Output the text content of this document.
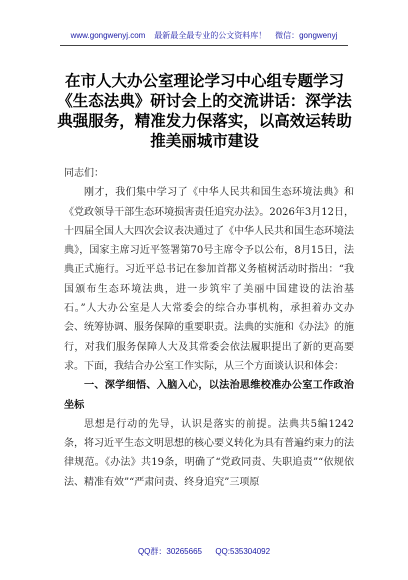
www.gongwenyj.com 最新最全最专业的公文资料库！ 微信：gongwenyj
在市人大办公室理论学习中心组专题学习《生态法典》研讨会上的交流讲话：深学法典强服务，精准发力保落实，以高效运转助推美丽城市建设

同志们：

刚才，我们集中学习了《中华人民共和国生态环境法典》和《党政领导干部生态环境损害责任追究办法》。2026年3月12日，十四届全国人大四次会议表决通过了《中华人民共和国生态环境法典》，国家主席习近平签署第70号主席令予以公布，8月15日，法典正式施行。习近平总书记在参加首都义务植树活动时指出：“我国颁布生态环境法典，进一步筑牢了美丽中国建设的法治基石。”人大办公室是人大常委会的综合办事机构，承担着办文办会、统筹协调、服务保障的重要职责。法典的实施和《办法》的施行，对我们服务保障人大及其常委会依法履职提出了新的更高要求。下面，我结合办公室工作实际，从三个方面谈认识和体会：

一、深学细悟、入脑入心，以法治思维校准办公室工作政治坐标

思想是行动的先导，认识是落实的前提。法典共5编1242条，将习近平生态文明思想的核心要义转化为具有普遍约束力的法律规范。《办法》共19条，明确了“党政同责、失职追责”“依规依法、精准有效”“严肃问责、终身追究”三项原

QQ群：30265665 QQ:535304092
